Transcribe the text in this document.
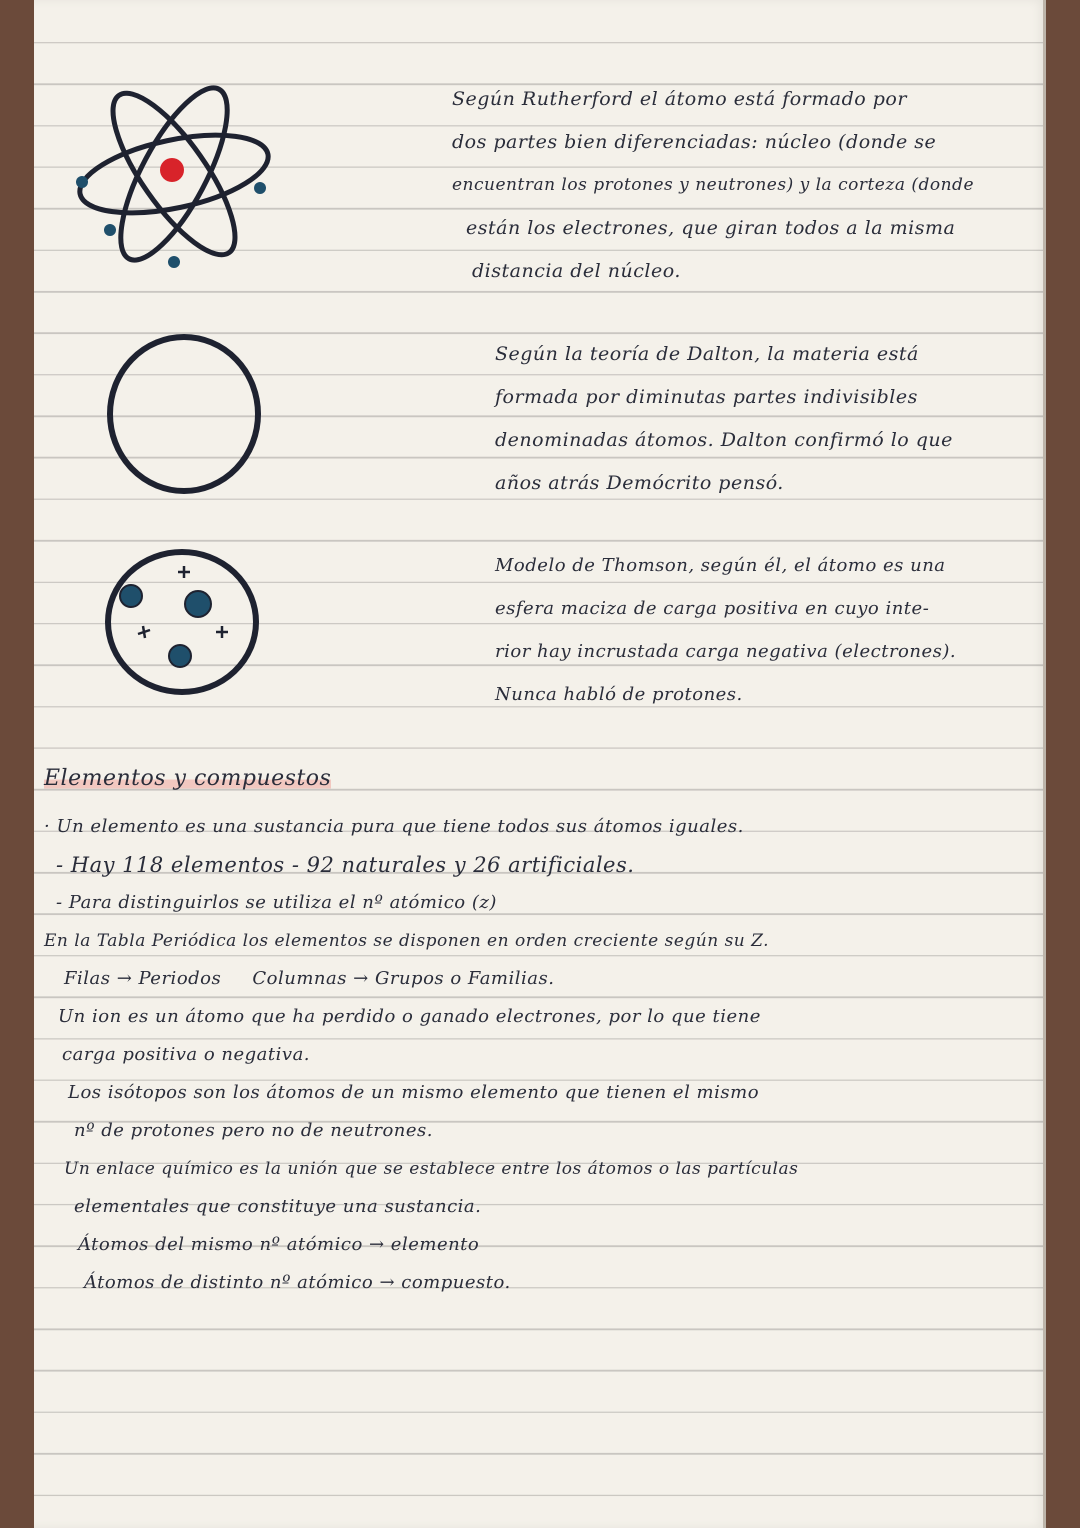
Según Rutherford el átomo está formado por
dos partes bien diferenciadas: núcleo (donde se
encuentran los protones y neutrones) y la corteza (donde
están los electrones, que giran todos a la misma
distancia del núcleo.
Según la teoría de Dalton, la materia está
formada por diminutas partes indivisibles
denominadas átomos. Dalton confirmó lo que
años atrás Demócrito pensó.
Modelo de Thomson, según él, el átomo es una
esfera maciza de carga positiva en cuyo inte-
rior hay incrustada carga negativa (electrones).
Nunca habló de protones.
Elementos y compuestos
· Un elemento es una sustancia pura que tiene todos sus átomos iguales.
- Hay 118 elementos - 92 naturales y 26 artificiales.
- Para distinguirlos se utiliza el nº atómico (z)
En la Tabla Periódica los elementos se disponen en orden creciente según su Z.
Filas → Periodos     Columnas → Grupos o Familias.
Un ion es un átomo que ha perdido o ganado electrones, por lo que tiene
carga positiva o negativa.
Los isótopos son los átomos de un mismo elemento que tienen el mismo
nº de protones pero no de neutrones.
Un enlace químico es la unión que se establece entre los átomos o las partículas
elementales que constituye una sustancia.
Átomos del mismo nº atómico → elemento
Átomos de distinto nº atómico → compuesto.
